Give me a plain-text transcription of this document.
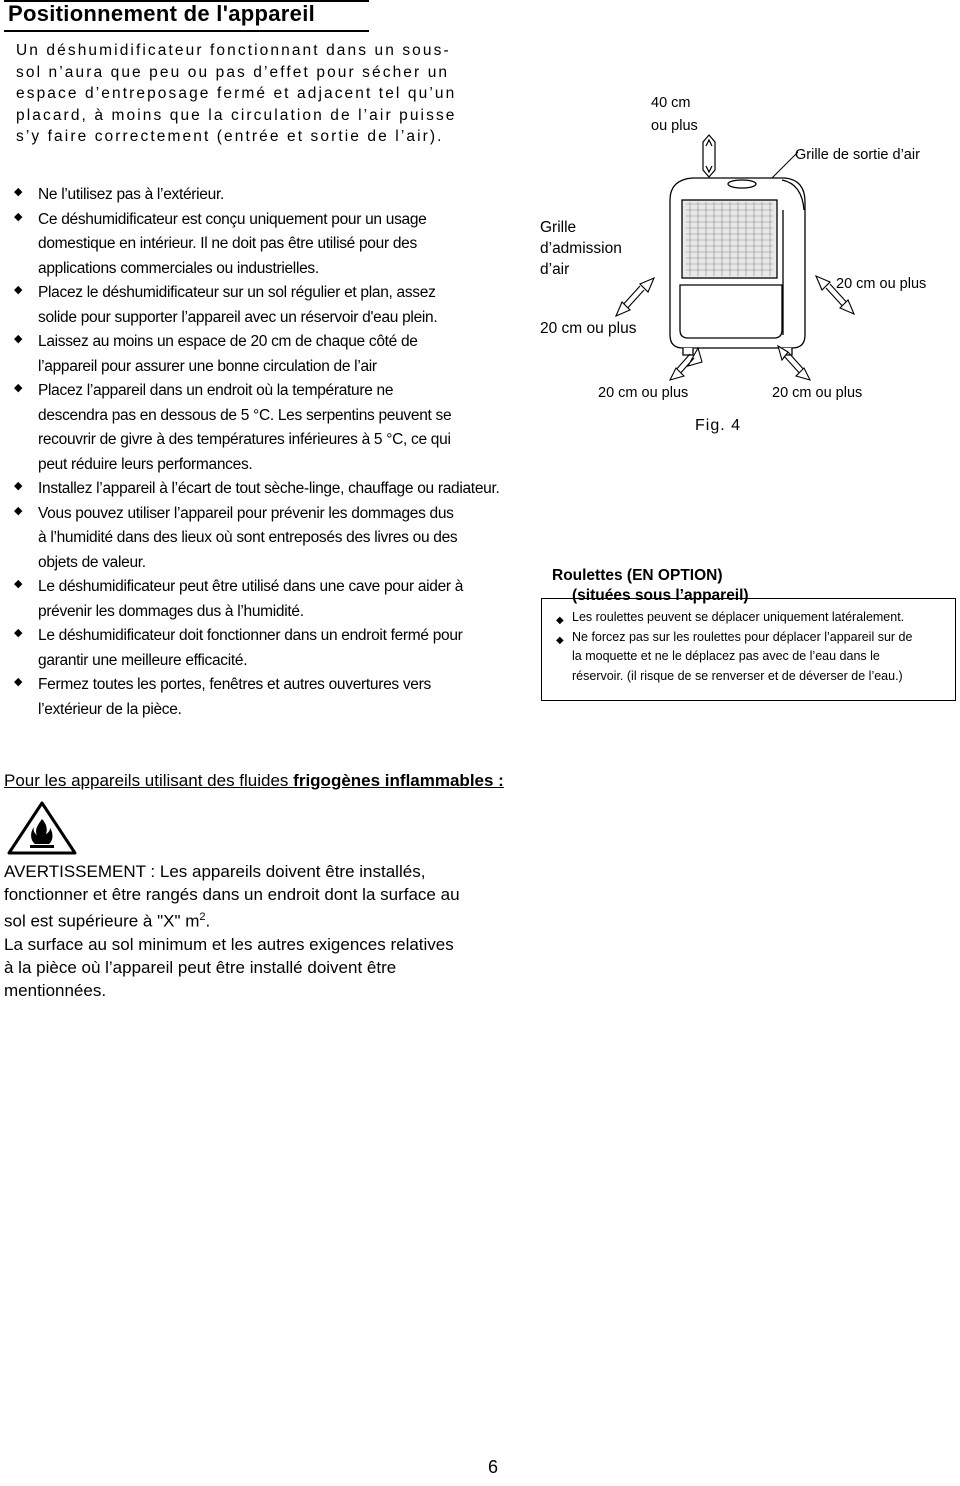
Positionnement de l'appareil
Un déshumidificateur fonctionnant dans un sous-
sol n’aura que peu ou pas d’effet pour sécher un
espace d’entreposage fermé et adjacent tel qu’un
placard, à moins que la circulation de l’air puisse
s’y faire correctement (entrée et sortie de l’air).
◆ Ne l’utilisez pas à l’extérieur.
◆ Ce déshumidificateur est conçu uniquement pour un usage
domestique en intérieur. Il ne doit pas être utilisé pour des
applications commerciales ou industrielles.
◆ Placez le déshumidificateur sur un sol régulier et plan, assez
solide pour supporter l’appareil avec un réservoir d'eau plein.
◆ Laissez au moins un espace de 20 cm de chaque côté de
l’appareil pour assurer une bonne circulation de l’air
◆ Placez l’appareil dans un endroit où la température ne
descendra pas en dessous de 5 °C. Les serpentins peuvent se
recouvrir de givre à des températures inférieures à 5 °C, ce qui
peut réduire leurs performances.
◆ Installez l’appareil à l’écart de tout sèche-linge, chauffage ou radiateur.
◆ Vous pouvez utiliser l’appareil pour prévenir les dommages dus
à l’humidité dans des lieux où sont entreposés des livres ou des
objets de valeur.
◆ Le déshumidificateur peut être utilisé dans une cave pour aider à
prévenir les dommages dus à l’humidité.
◆ Le déshumidificateur doit fonctionner dans un endroit fermé pour
garantir une meilleure efficacité.
◆ Fermez toutes les portes, fenêtres et autres ouvertures vers
l’extérieur de la pièce.
40 cm
ou plus
Grille de sortie d’air
Grille
d’admission
d’air
20 cm ou plus
20 cm ou plus
20 cm ou plus	20 cm ou plus
Fig. 4
Roulettes (EN OPTION)
(situées sous l’appareil)
◆ Les roulettes peuvent se déplacer uniquement latéralement.
◆ Ne forcez pas sur les roulettes pour déplacer l’appareil sur de
la moquette et ne le déplacez pas avec de l’eau dans le
réservoir. (il risque de se renverser et de déverser de l’eau.)
Pour les appareils utilisant des fluides frigogènes inflammables :
AVERTISSEMENT : Les appareils doivent être installés,
fonctionner et être rangés dans un endroit dont la surface au
sol est supérieure à "X" $m^2$.
La surface au sol minimum et les autres exigences relatives
à la pièce où l’appareil peut être installé doivent être
mentionnées.
6
